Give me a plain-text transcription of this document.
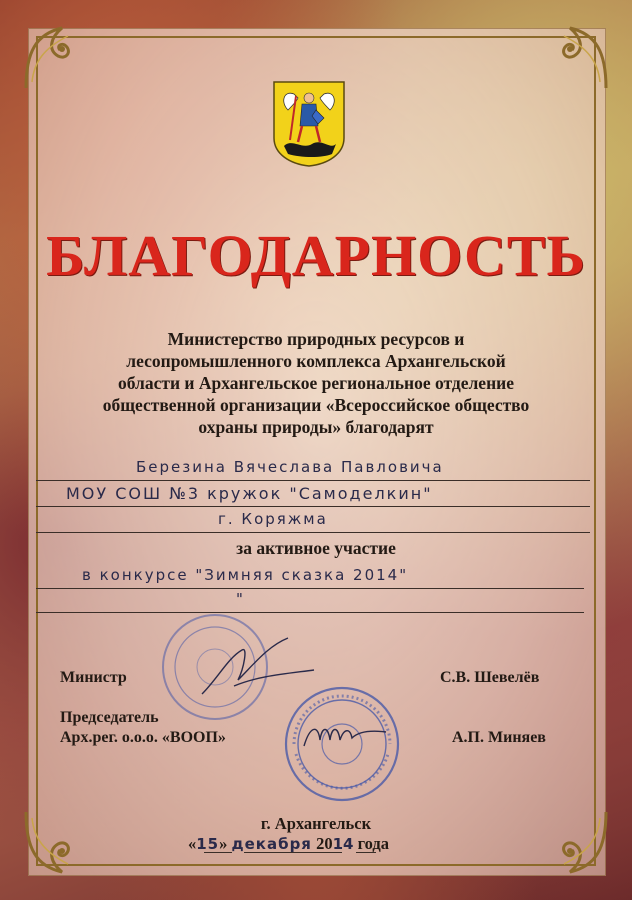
БЛАГОДАРНОСТЬ
Министерство природных ресурсов и
лесопромышленного комплекса Архангельской
области и Архангельское региональное отделение
общественной организации «Всероссийское общество
охраны природы» благодарят
Березина Вячеслава Павловича
МОУ СОШ №3 кружок "Самоделкин"
г. Коряжма
за активное участие
в конкурсе "Зимняя сказка 2014"
"
Министр	С.В. Шевелёв
Председатель
Арх.рег. о.о.о. «ВООП»	А.П. Миняев
г. Архангельск
«15» декабря 2014 года
